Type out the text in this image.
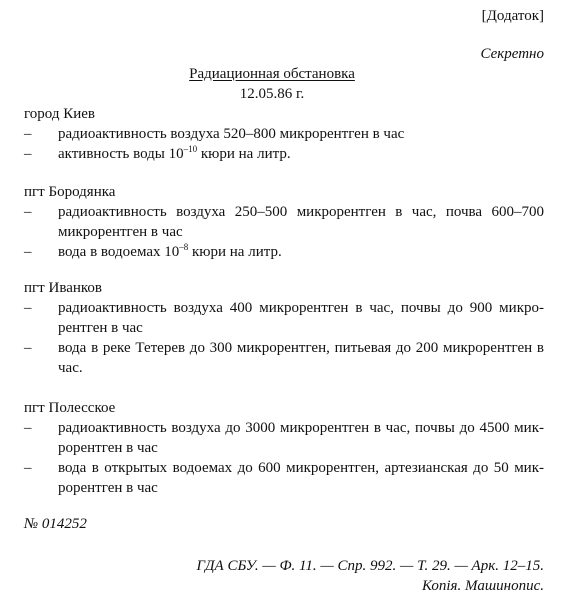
[Додаток]
Секретно
Радиационная обстановка
12.05.86 г.

город Киев

– радиоактивность воздуха 520–800 микрорентген в час

– активность воды $10^{-10}$ кюри на литр.

пгт Бородянка

– радиоактивность воздуха 250–500 микрорентген в час, почва 600–700 микрорентген в час

– вода в водоемах $10^{-8}$ кюри на литр.

пгт Иванков

– радиоактивность воздуха 400 микрорентген в час, почвы до 900 микрорентген в час

– вода в реке Тетерев до 300 микрорентген, питьевая до 200 микрорентген в час.

пгт Полесское

– радиоактивность воздуха до 3000 микрорентген в час, почвы до 4500 микрорентген в час

– вода в открытых водоемах до 600 микрорентген, артезианская до 50 микрорентген в час

№ 014252
ГДА СБУ. — Ф. 11. — Спр. 992. — Т. 29. — Арк. 12–15.
Копія. Машинопис.
